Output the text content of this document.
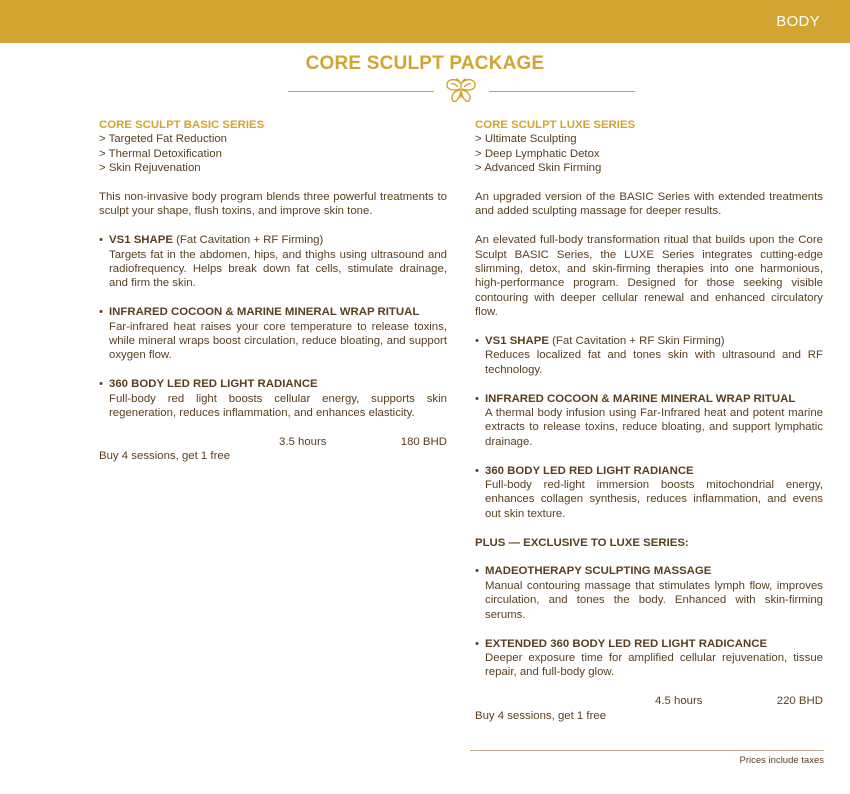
BODY
CORE SCULPT PACKAGE
CORE SCULPT BASIC SERIES
> Targeted Fat Reduction
> Thermal Detoxification
> Skin Rejuvenation
This non-invasive body program blends three powerful treatments to sculpt your shape, flush toxins, and improve skin tone.
• VS1 SHAPE (Fat Cavitation + RF Firming)
Targets fat in the abdomen, hips, and thighs using ultrasound and radiofrequency. Helps break down fat cells, stimulate drainage, and firm the skin.
• INFRARED COCOON & MARINE MINERAL WRAP RITUAL
Far-infrared heat raises your core temperature to release toxins, while mineral wraps boost circulation, reduce bloating, and support oxygen flow.
• 360 BODY LED RED LIGHT RADIANCE
Full-body red light boosts cellular energy, supports skin regeneration, reduces inflammation, and enhances elasticity.
3.5 hours	180 BHD
Buy 4 sessions, get 1 free
CORE SCULPT LUXE SERIES
> Ultimate Sculpting
> Deep Lymphatic Detox
> Advanced Skin Firming
An upgraded version of the BASIC Series with extended treatments and added sculpting massage for deeper results.
An elevated full-body transformation ritual that builds upon the Core Sculpt BASIC Series, the LUXE Series integrates cutting-edge slimming, detox, and skin-firming therapies into one harmonious, high-performance program. Designed for those seeking visible contouring with deeper cellular renewal and enhanced circulatory flow.
• VS1 SHAPE (Fat Cavitation + RF Skin Firming)
Reduces localized fat and tones skin with ultrasound and RF technology.
• INFRARED COCOON & MARINE MINERAL WRAP RITUAL
A thermal body infusion using Far-Infrared heat and potent marine extracts to release toxins, reduce bloating, and support lymphatic drainage.
• 360 BODY LED RED LIGHT RADIANCE
Full-body red-light immersion boosts mitochondrial energy, enhances collagen synthesis, reduces inflammation, and evens out skin texture.
PLUS — EXCLUSIVE TO LUXE SERIES:
• MADEOTHERAPY SCULPTING MASSAGE
Manual contouring massage that stimulates lymph flow, improves circulation, and tones the body. Enhanced with skin-firming serums.
• EXTENDED 360 BODY LED RED LIGHT RADICANCE
Deeper exposure time for amplified cellular rejuvenation, tissue repair, and full-body glow.
4.5 hours	220 BHD
Buy 4 sessions, get 1 free
Prices include taxes
